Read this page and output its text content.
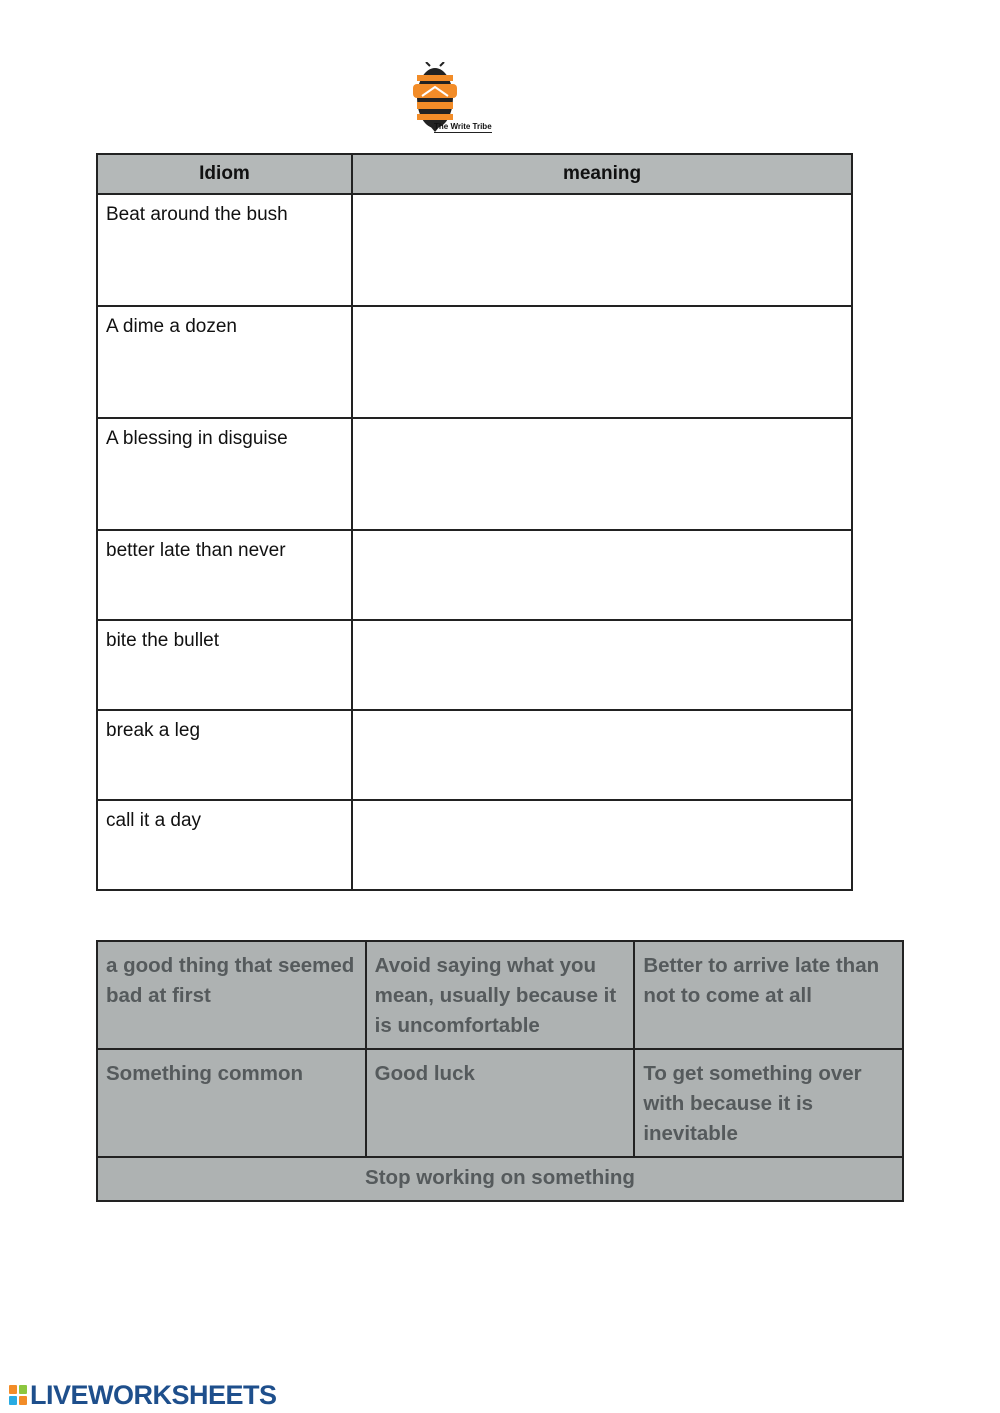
The Write Tribe
Idiom	meaning
Beat around the bush	
A dime a dozen	
A blessing in disguise	
better late than never	
bite the bullet	
break a leg	
call it a day	
a good thing that seemed bad at first	Avoid saying what you mean, usually because it is uncomfortable	Better to arrive late than not to come at all
Something common	Good luck	To get something over with because it is inevitable
Stop working on something		
LIVEWORKSHEETS
